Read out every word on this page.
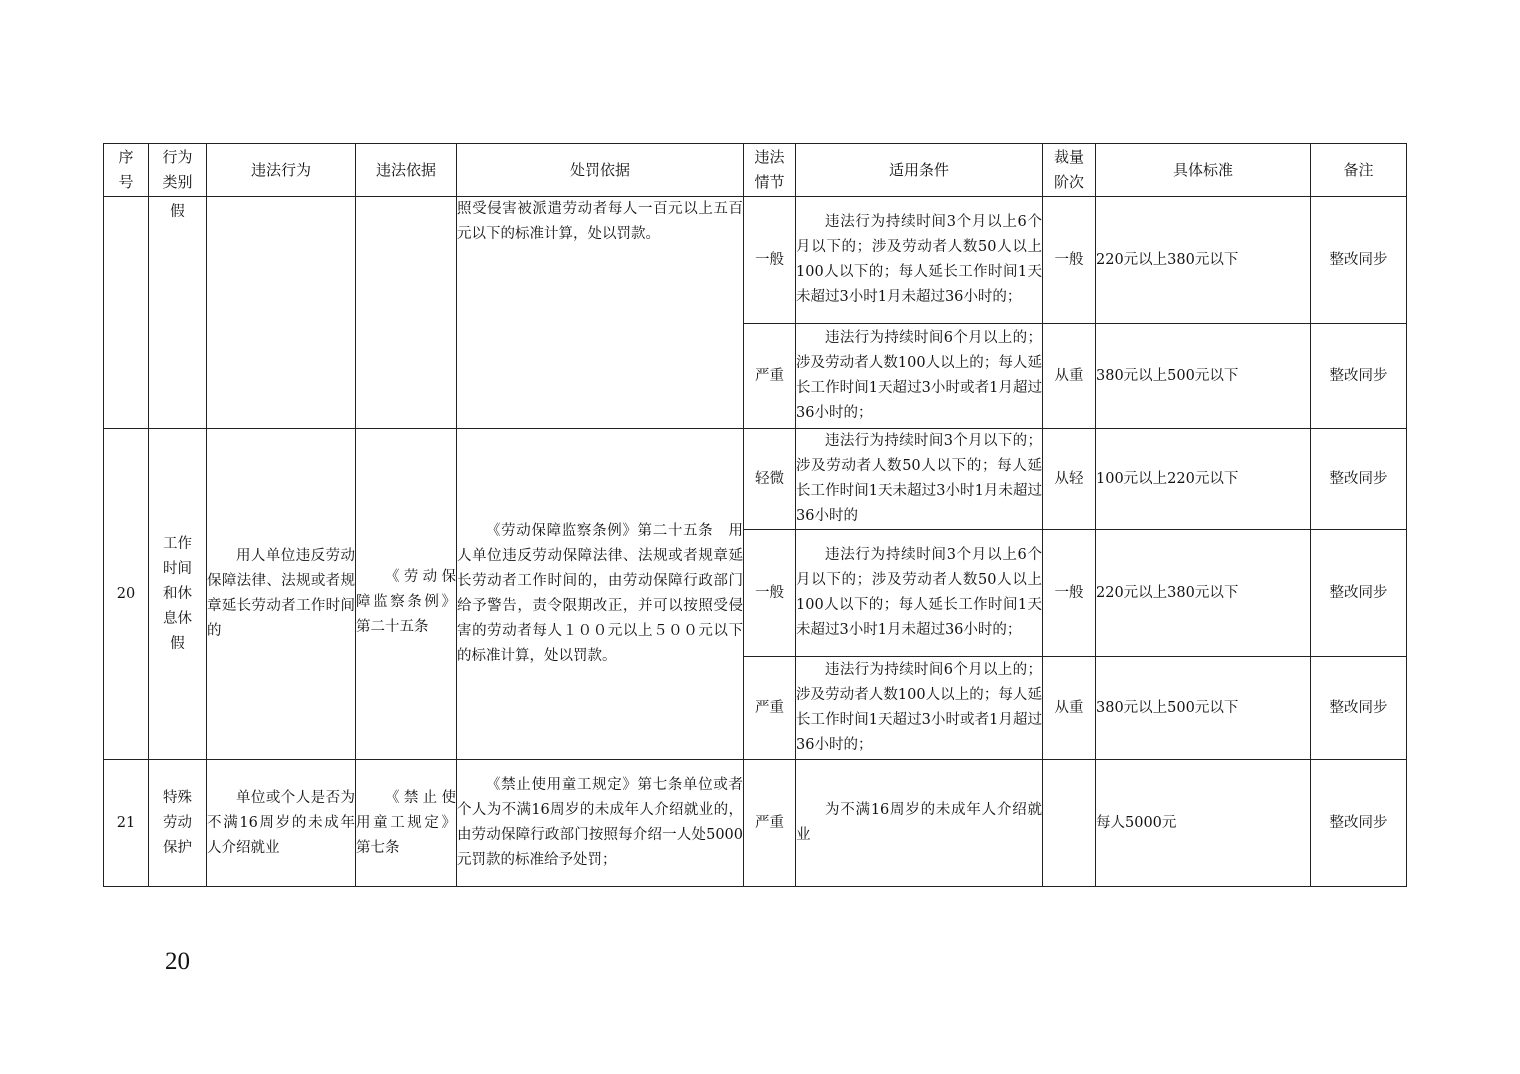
序号	行为类别	违法行为	违法依据	处罚依据	违法情节	适用条件	裁量阶次	具体标准	备注
	假			照受侵害被派遣劳动者每人一百元以上五百元以下的标准计算，处以罚款。	一般	违法行为持续时间3个月以上6个月以下的；涉及劳动者人数50人以上100人以下的；每人延长工作时间1天未超过3小时1月未超过36小时的；	一般	220元以上380元以下	整改同步
					严重	违法行为持续时间6个月以上的；涉及劳动者人数100人以上的；每人延长工作时间1天超过3小时或者1月超过36小时的；	从重	380元以上500元以下	整改同步
20	工作时间和休息休假	用人单位违反劳动保障法律、法规或者规章延长劳动者工作时间的	《劳动保障监察条例》第二十五条	《劳动保障监察条例》第二十五条　用人单位违反劳动保障法律、法规或者规章延长劳动者工作时间的，由劳动保障行政部门给予警告，责令限期改正，并可以按照受侵害的劳动者每人１００元以上５００元以下的标准计算，处以罚款。	轻微	违法行为持续时间3个月以下的；涉及劳动者人数50人以下的；每人延长工作时间1天未超过3小时1月未超过36小时的	从轻	100元以上220元以下	整改同步
					一般	违法行为持续时间3个月以上6个月以下的；涉及劳动者人数50人以上100人以下的；每人延长工作时间1天未超过3小时1月未超过36小时的；	一般	220元以上380元以下	整改同步
					严重	违法行为持续时间6个月以上的；涉及劳动者人数100人以上的；每人延长工作时间1天超过3小时或者1月超过36小时的；	从重	380元以上500元以下	整改同步
21	特殊劳动保护	单位或个人是否为不满16周岁的未成年人介绍就业	《禁止使用童工规定》第七条	《禁止使用童工规定》第七条单位或者个人为不满16周岁的未成年人介绍就业的，由劳动保障行政部门按照每介绍一人处5000元罚款的标准给予处罚；	严重	为不满16周岁的未成年人介绍就业		每人5000元	整改同步
20
